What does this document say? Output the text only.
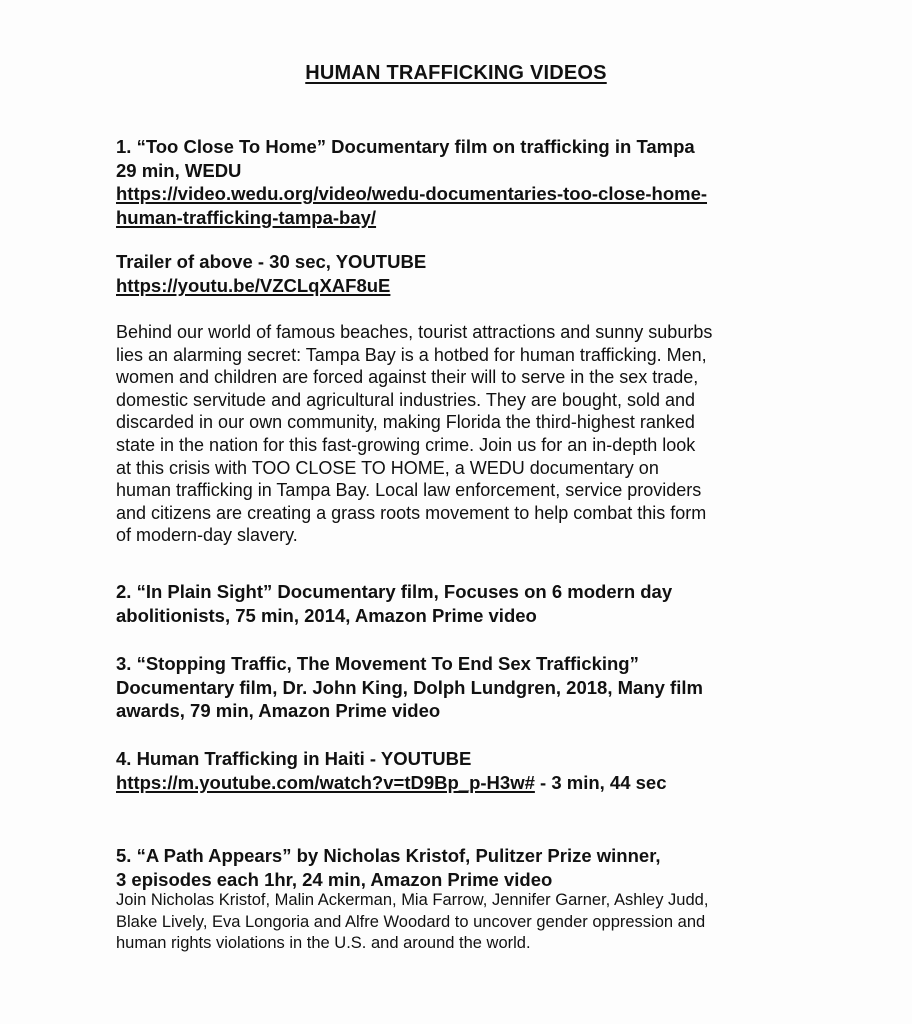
HUMAN TRAFFICKING VIDEOS
1. “Too Close To Home” Documentary film on trafficking in Tampa
29 min, WEDU
https://video.wedu.org/video/wedu-documentaries-too-close-home-
human-trafficking-tampa-bay/
Trailer of above - 30 sec, YOUTUBE
https://youtu.be/VZCLqXAF8uE
Behind our world of famous beaches, tourist attractions and sunny suburbs
lies an alarming secret: Tampa Bay is a hotbed for human trafficking. Men,
women and children are forced against their will to serve in the sex trade,
domestic servitude and agricultural industries. They are bought, sold and
discarded in our own community, making Florida the third-highest ranked
state in the nation for this fast-growing crime. Join us for an in-depth look
at this crisis with TOO CLOSE TO HOME, a WEDU documentary on
human trafficking in Tampa Bay. Local law enforcement, service providers
and citizens are creating a grass roots movement to help combat this form
of modern-day slavery.
2. “In Plain Sight” Documentary film, Focuses on 6 modern day
abolitionists, 75 min, 2014, Amazon Prime video
3. “Stopping Traffic, The Movement To End Sex Trafficking”
Documentary film, Dr. John King, Dolph Lundgren, 2018, Many film
awards, 79 min, Amazon Prime video
4. Human Trafficking in Haiti - YOUTUBE
https://m.youtube.com/watch?v=tD9Bp_p-H3w# - 3 min, 44 sec
5. “A Path Appears” by Nicholas Kristof, Pulitzer Prize winner,
3 episodes each 1hr, 24 min, Amazon Prime video
Join Nicholas Kristof, Malin Ackerman, Mia Farrow, Jennifer Garner, Ashley Judd,
Blake Lively, Eva Longoria and Alfre Woodard to uncover gender oppression and
human rights violations in the U.S. and around the world.
